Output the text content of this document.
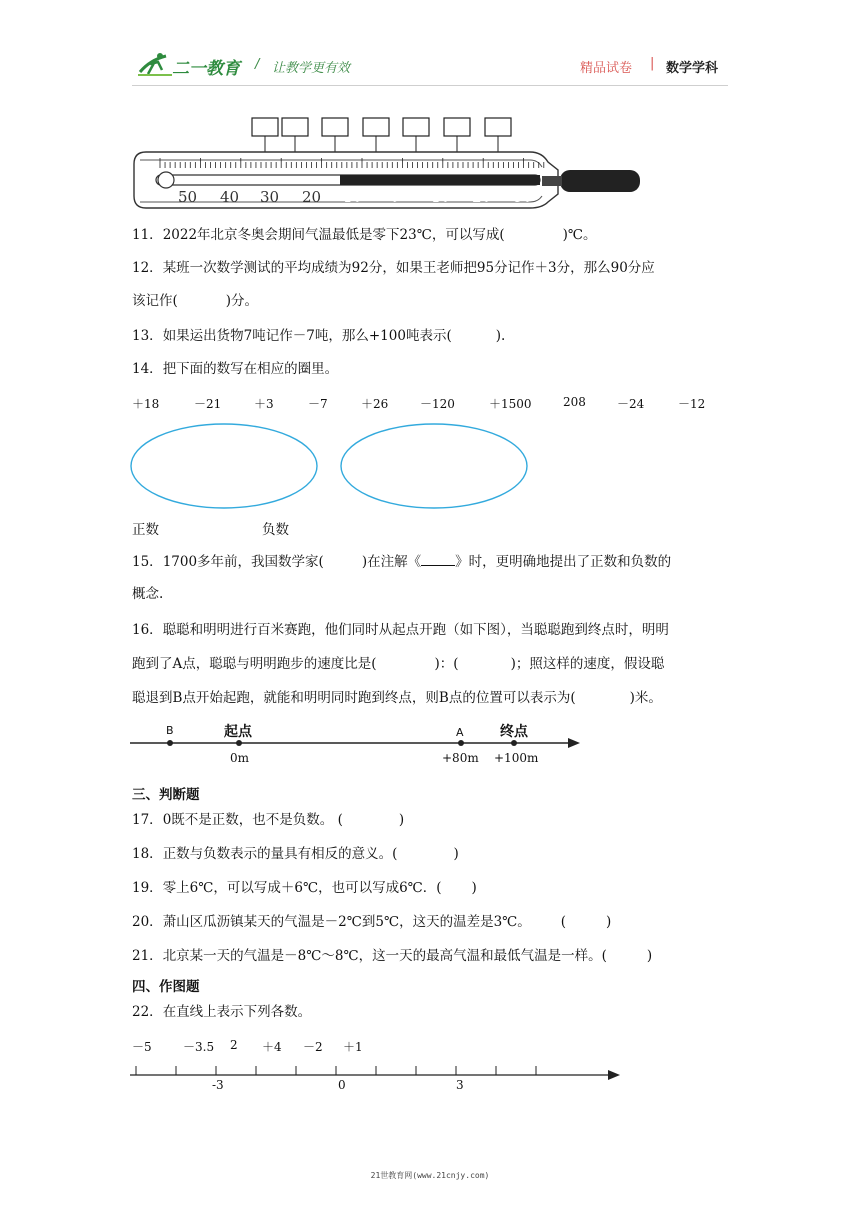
二一教育 / 让教学更有效	精品试卷 | 数学学科
50 40 30 20 10 0 -10 -20 -30
11．2022年北京冬奥会期间气温最低是零下23℃，可以写成(	)℃。
12．某班一次数学测试的平均成绩为92分，如果王老师把95分记作＋3分，那么90分应
该记作(	)分。
13．如果运出货物7吨记作－7吨，那么+100吨表示(	).
14．把下面的数写在相应的圈里。
＋18	－21	＋3	－7	＋26	－120	＋1500	208	－24	－12
正数	负数
15．1700多年前，我国数学家(	)在注解《	》时，更明确地提出了正数和负数的
概念.
16．聪聪和明明进行百米赛跑，他们同时从起点开跑（如下图），当聪聪跑到终点时，明明
跑到了A点，聪聪与明明跑步的速度比是(	)：(	)；照这样的速度，假设聪
聪退到B点开始起跑，就能和明明同时跑到终点，则B点的位置可以表示为(	)米。
B	起点
0m
A
+80m
终点
+100m
三、判断题
17．0既不是正数，也不是负数。 (	)
18．正数与负数表示的量具有相反的意义。(	)
19．零上6℃，可以写成＋6℃，也可以写成6℃．( )
20．萧山区瓜沥镇某天的气温是－2℃到5℃，这天的温差是3℃。 (	)
21．北京某一天的气温是－8℃～8℃，这一天的最高气温和最低气温是一样。(	)
四、作图题
22．在直线上表示下列各数。
－5	－3.5 2 ＋4 －2 ＋1
-3	0	3
21世教育网(www.21cnjy.com)
